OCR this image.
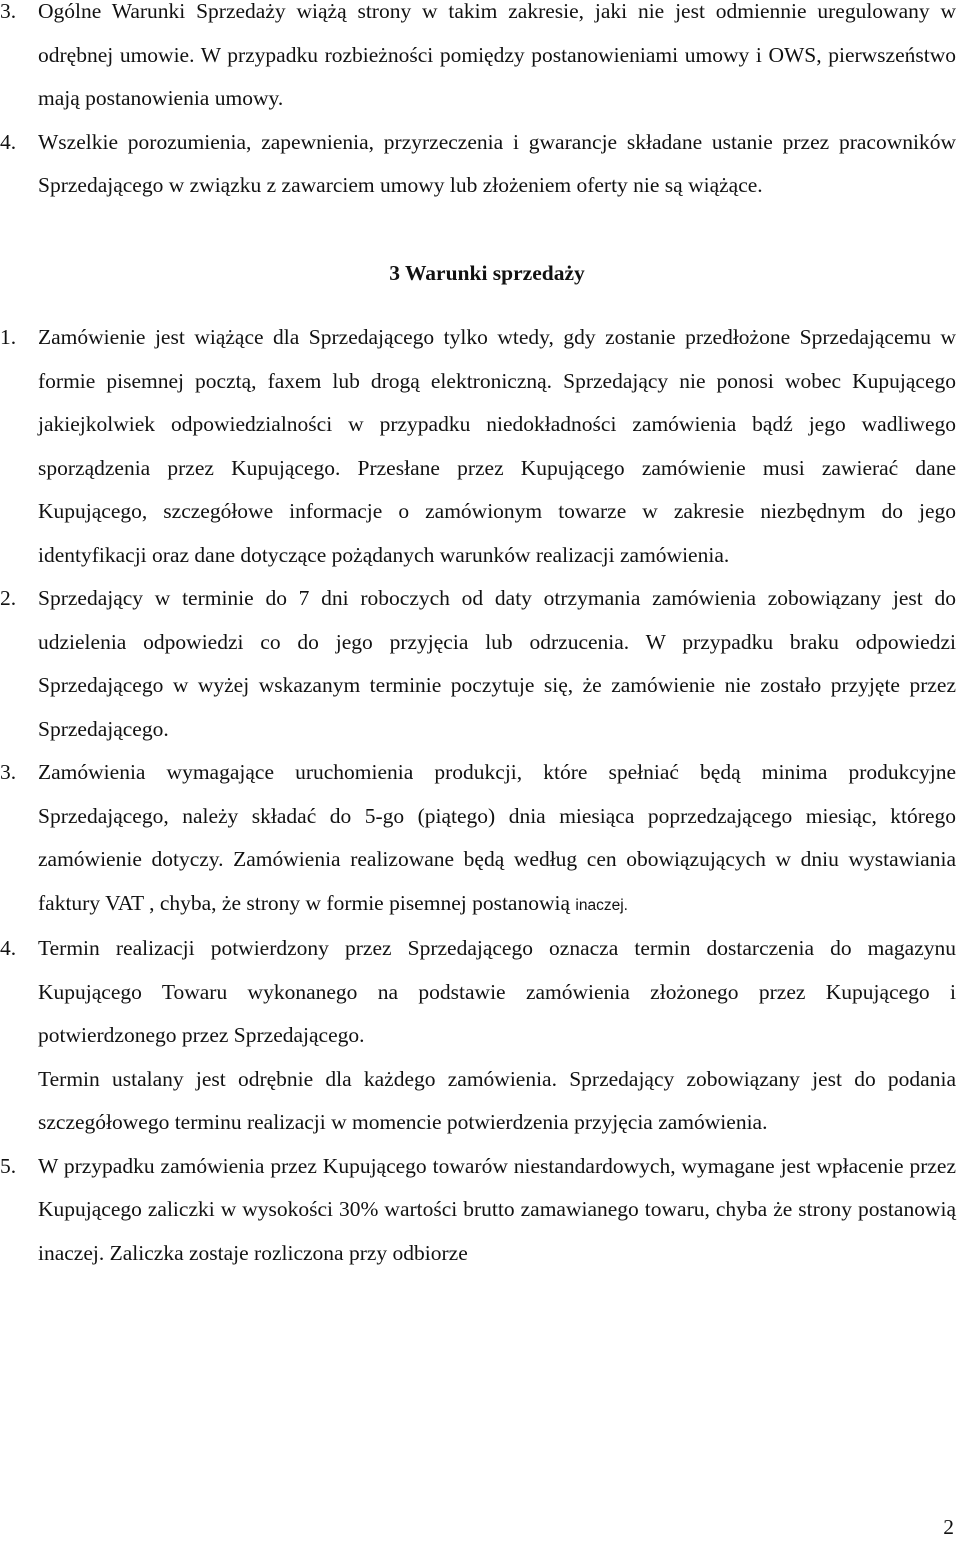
3. Ogólne Warunki Sprzedaży wiążą strony w takim zakresie, jaki nie jest odmiennie uregulowany w odrębnej umowie. W przypadku rozbieżności pomiędzy postanowieniami umowy i OWS, pierwszeństwo mają postanowienia umowy.
4. Wszelkie porozumienia, zapewnienia, przyrzeczenia i gwarancje składane ustanie przez pracowników Sprzedającego w związku z zawarciem umowy lub złożeniem oferty nie są wiążące.
3 Warunki sprzedaży
1. Zamówienie jest wiążące dla Sprzedającego tylko wtedy, gdy zostanie przedłożone Sprzedającemu w formie pisemnej pocztą, faxem lub drogą elektroniczną. Sprzedający nie ponosi wobec Kupującego jakiejkolwiek odpowiedzialności w przypadku niedokładności zamówienia bądź jego wadliwego sporządzenia przez Kupującego. Przesłane przez Kupującego zamówienie musi zawierać dane Kupującego, szczegółowe informacje o zamówionym towarze w zakresie niezbędnym do jego identyfikacji oraz dane dotyczące pożądanych warunków realizacji zamówienia.
2. Sprzedający w terminie do 7 dni roboczych od daty otrzymania zamówienia zobowiązany jest do udzielenia odpowiedzi co do jego przyjęcia lub odrzucenia. W przypadku braku odpowiedzi Sprzedającego w wyżej wskazanym terminie poczytuje się, że zamówienie nie zostało przyjęte przez Sprzedającego.
3. Zamówienia wymagające uruchomienia produkcji, które spełniać będą minima produkcyjne Sprzedającego, należy składać do 5-go (piątego) dnia miesiąca poprzedzającego miesiąc, którego zamówienie dotyczy. Zamówienia realizowane będą według cen obowiązujących w dniu wystawiania faktury VAT , chyba, że strony w formie pisemnej postanowią inaczej.
4. Termin realizacji potwierdzony przez Sprzedającego oznacza termin dostarczenia do magazynu Kupującego Towaru wykonanego na podstawie zamówienia złożonego przez Kupującego i potwierdzonego przez Sprzedającego.
Termin ustalany jest odrębnie dla każdego zamówienia. Sprzedający zobowiązany jest do podania szczegółowego terminu realizacji w momencie potwierdzenia przyjęcia zamówienia.
5. W przypadku zamówienia przez Kupującego towarów niestandardowych, wymagane jest wpłacenie przez Kupującego zaliczki w wysokości 30% wartości brutto zamawianego towaru, chyba że strony postanowią inaczej. Zaliczka zostaje rozliczona przy odbiorze
2
